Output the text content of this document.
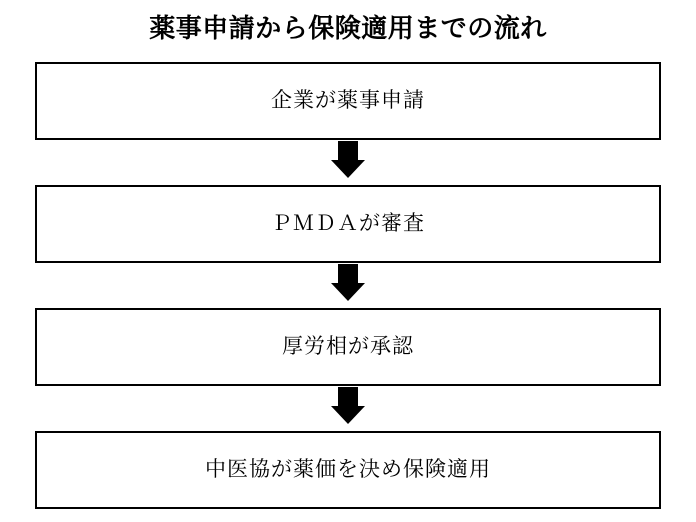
薬事申請から保険適用までの流れ
企業が薬事申請
ＰＭＤＡが審査
厚労相が承認
中医協が薬価を決め保険適用
